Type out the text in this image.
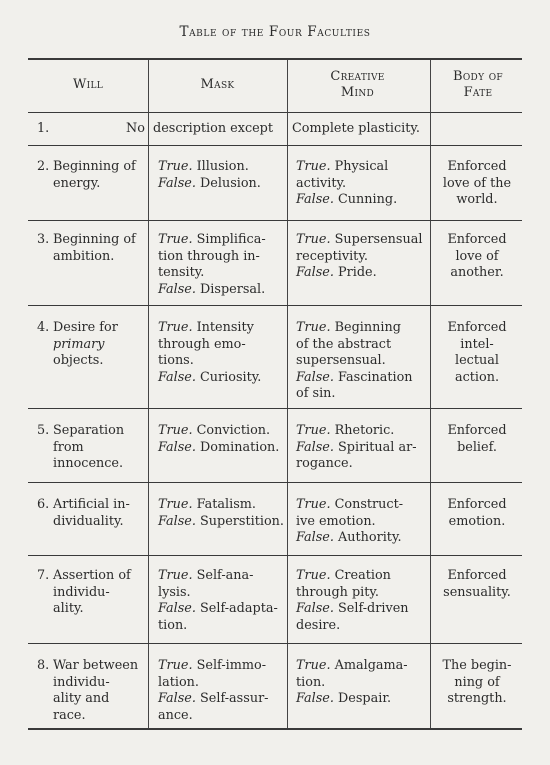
Table of the Four Faculties
Will	Mask
Creative
Mind
Body of
Fate
1.	No description except Complete plasticity.
2. Beginning of
energy.
True. Illusion.
False. Delusion.
True. Physical
activity.
False. Cunning.
Enforced
love of the
world.
3. Beginning of
ambition.
True. Simplifica-
tion through in-
tensity.
False. Dispersal.
True. Supersensual
receptivity.
False. Pride.
Enforced
love of
another.
4. Desire for
primary
objects.
True. Intensity
through emo-
tions.
False. Curiosity.
True. Beginning
of the abstract
supersensual.
False. Fascination
of sin.
Enforced
intel-
lectual
action.
5. Separation
from
innocence.
True. Conviction.
False. Domination.
True. Rhetoric.
False. Spiritual ar-
rogance.
Enforced
belief.
6. Artificial in-
dividuality.
True. Fatalism.
False. Superstition.
True. Construct-
ive emotion.
False. Authority.
Enforced
emotion.
7. Assertion of
individu-
ality.
True. Self-ana-
lysis.
False. Self-adapta-
tion.
True. Creation
through pity.
False. Self-driven
desire.
Enforced
sensuality.
8. War between
individu-
ality and
race.
True. Self-immo-
lation.
False. Self-assur-
ance.
True. Amalgama-
tion.
False. Despair.
The begin-
ning of
strength.
